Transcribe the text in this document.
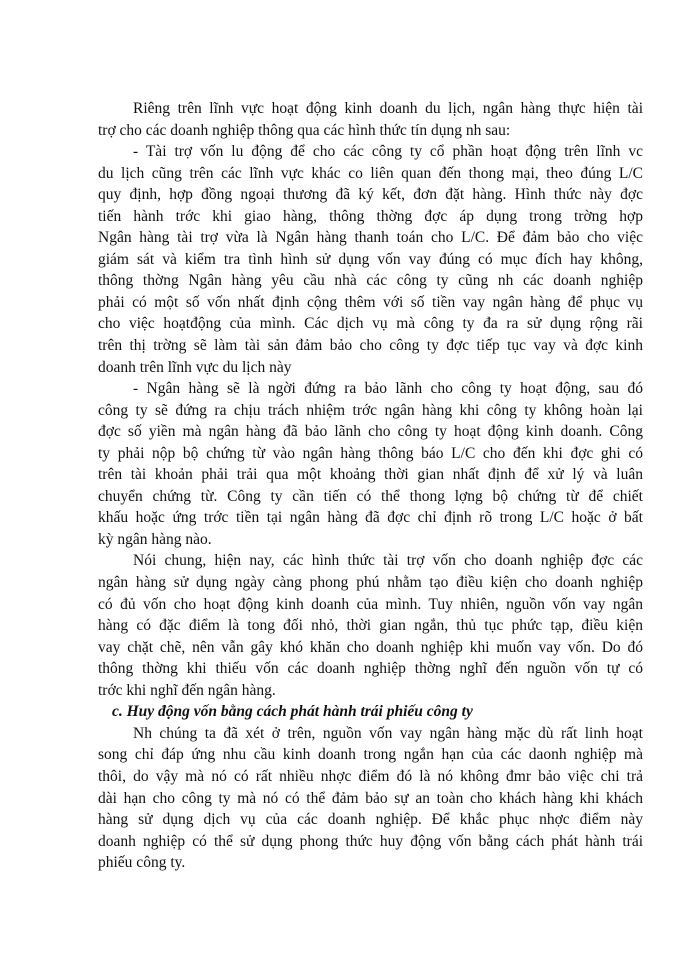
Riêng trên lĩnh vực hoạt động kinh doanh du lịch, ngân hàng thực hiện tài
trợ cho các doanh nghiệp thông qua các hình thức tín dụng nh sau:
- Tài trợ vốn lu động để cho các công ty cổ phần hoạt động trên lĩnh vc
du lịch cũng trên các lĩnh vực khác co liên quan đến thong mại, theo đúng L/C
quy định, hợp đồng ngoại thương đã ký kết, đơn đặt hàng. Hình thức này đợc
tiến hành trớc khi giao hàng, thông thờng đợc áp dụng trong trờng hợp
Ngân hàng tài trợ vừa là Ngân hàng thanh toán cho L/C. Để đảm bảo cho việc
giám sát và kiểm tra tình hình sử dụng vốn vay đúng có mục đích hay không,
thông thờng Ngân hàng yêu cầu nhà các công ty cũng nh các doanh nghiệp
phải có một số vốn nhất định cộng thêm với số tiền vay ngân hàng để phục vụ
cho việc hoạtđộng của mình. Các dịch vụ mà công ty đa ra sử dụng rộng rãi
trên thị trờng sẽ làm tài sản đảm bảo cho công ty đợc tiếp tục vay và đợc kinh
doanh trên lĩnh vực du lịch này
- Ngân hàng sẽ là ngời đứng ra bảo lãnh cho công ty hoạt động, sau đó
công ty sẽ đứng ra chịu trách nhiệm trớc ngân hàng khi công ty không hoàn lại
đợc số yiền mà ngân hàng đã bảo lãnh cho công ty hoạt động kinh doanh. Công
ty phải nộp bộ chứng từ vào ngân hàng thông báo L/C cho đến khi đợc ghi có
trên tài khoản phải trải qua một khoảng thời gian nhất định để xử lý và luân
chuyển chứng từ. Công ty cần tiến có thể thong lợng bộ chứng từ để chiết
khấu hoặc ứng trớc tiền tại ngân hàng đã đợc chỉ định rõ trong L/C hoặc ở bất
kỳ ngân hàng nào.
Nói chung, hiện nay, các hình thức tài trợ vốn cho doanh nghiệp đợc các
ngân hàng sử dụng ngày càng phong phú nhằm tạo điều kiện cho doanh nghiệp
có đủ vốn cho hoạt động kinh doanh của mình. Tuy nhiên, nguồn vốn vay ngân
hàng có đặc điểm là tong đối nhỏ, thời gian ngắn, thủ tục phức tạp, điều kiện
vay chặt chẽ, nên vẫn gây khó khăn cho doanh nghiệp khi muốn vay vốn. Do đó
thông thờng khi thiếu vốn các doanh nghiệp thờng nghĩ đến nguồn vốn tự có
trớc khi nghĩ đến ngân hàng.
c. Huy động vốn bằng cách phát hành trái phiếu công ty
Nh chúng ta đã xét ở trên, nguồn vốn vay ngân hàng mặc dù rất linh hoạt
song chỉ đáp ứng nhu cầu kinh doanh trong ngắn hạn của các daonh nghiệp mà
thôi, do vậy mà nó có rất nhiều nhợc điểm đó là nó không đmr bảo việc chi trả
dài hạn cho công ty mà nó có thể đảm bảo sự an toàn cho khách hàng khi khách
hàng sử dụng dịch vụ của các doanh nghiệp. Để khắc phục nhợc điểm này
doanh nghiệp có thể sử dụng phong thức huy động vốn bằng cách phát hành trái
phiếu công ty.
